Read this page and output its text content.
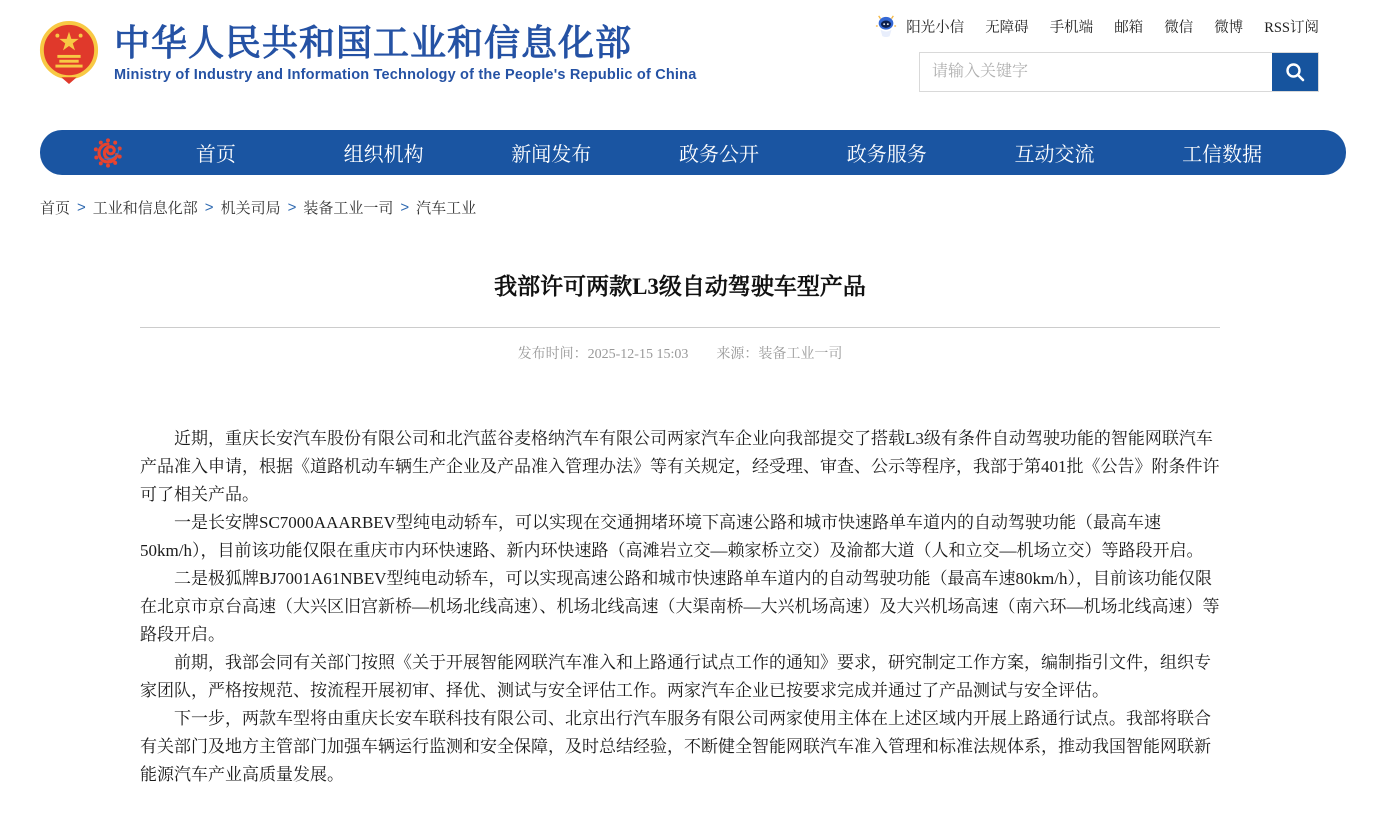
中华人民共和国工业和信息化部
Ministry of Industry and Information Technology of the People's Republic of China
阳光小信 无障碍 手机端 邮箱 微信 微博 RSS订阅
请输入关键字
首页	组织机构	新闻发布	政务公开	政务服务	互动交流	工信数据
首页 > 工业和信息化部 > 机关司局 > 装备工业一司 > 汽车工业
我部许可两款L3级自动驾驶车型产品
发布时间：2025-12-15 15:03 来源：装备工业一司

近期，重庆长安汽车股份有限公司和北汽蓝谷麦格纳汽车有限公司两家汽车企业向我部提交了搭载L3级有条件自动驾驶功能的智能网联汽车产品准入申请，根据《道路机动车辆生产企业及产品准入管理办法》等有关规定，经受理、审查、公示等程序，我部于第401批《公告》附条件许可了相关产品。

一是长安牌SC7000AAARBEV型纯电动轿车，可以实现在交通拥堵环境下高速公路和城市快速路单车道内的自动驾驶功能（最高车速50km/h），目前该功能仅限在重庆市内环快速路、新内环快速路（高滩岩立交—赖家桥立交）及渝都大道（人和立交—机场立交）等路段开启。

二是极狐牌BJ7001A61NBEV型纯电动轿车，可以实现高速公路和城市快速路单车道内的自动驾驶功能（最高车速80km/h），目前该功能仅限在北京市京台高速（大兴区旧宫新桥—机场北线高速）、机场北线高速（大渠南桥—大兴机场高速）及大兴机场高速（南六环—机场北线高速）等路段开启。

前期，我部会同有关部门按照《关于开展智能网联汽车准入和上路通行试点工作的通知》要求，研究制定工作方案，编制指引文件，组织专家团队，严格按规范、按流程开展初审、择优、测试与安全评估工作。两家汽车企业已按要求完成并通过了产品测试与安全评估。

下一步，两款车型将由重庆长安车联科技有限公司、北京出行汽车服务有限公司两家使用主体在上述区域内开展上路通行试点。我部将联合有关部门及地方主管部门加强车辆运行监测和安全保障，及时总结经验，不断健全智能网联汽车准入管理和标准法规体系，推动我国智能网联新能源汽车产业高质量发展。
